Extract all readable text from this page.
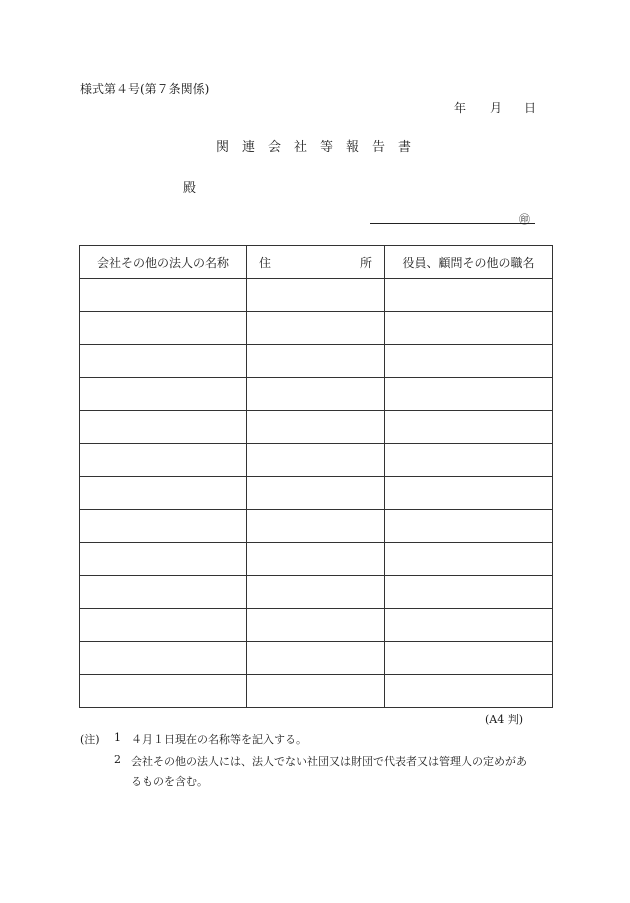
様式第４号(第７条関係)
年 月 日
関連会社等報告書
殿
㊞
会社その他の法人の名称	住 所	役員、顧問その他の職名

(A4 判)
(注) 1 ４月１日現在の名称等を記入する。
2 会社その他の法人には、法人でない社団又は財団で代表者又は管理人の定めがあ
るものを含む。
